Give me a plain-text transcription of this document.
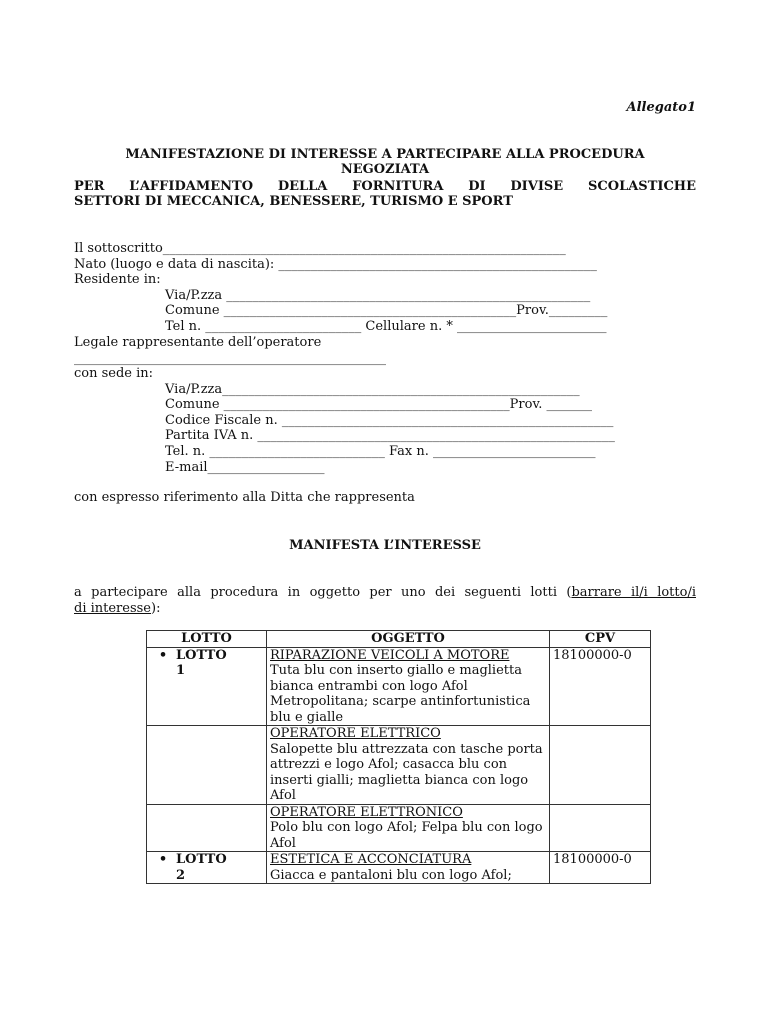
Allegato1
MANIFESTAZIONE DI INTERESSE A PARTECIPARE ALLA PROCEDURA
NEGOZIATA
PER L’AFFIDAMENTO DELLA FORNITURA DI DIVISE SCOLASTICHE
SETTORI DI MECCANICA, BENESSERE, TURISMO E SPORT
Il sottoscritto______________________________________________________________
Nato (luogo e data di nascita): _________________________________________________
Residente in:
Via/P.zza ________________________________________________________
Comune _____________________________________________Prov._________
Tel n. ________________________ Cellulare n. * _______________________
Legale rappresentante dell’operatore
________________________________________________
con sede in:
Via/P.zza_______________________________________________________
Comune ____________________________________________Prov. _______
Codice Fiscale n. ___________________________________________________
Partita IVA n. _______________________________________________________
Tel. n. ___________________________ Fax n. _________________________
E-mail__________________
con espresso riferimento alla Ditta che rappresenta
MANIFESTA L’INTERESSE
a partecipare alla procedura in oggetto per uno dei seguenti lotti (barrare il/i lotto/i
di interesse):
LOTTO	OGGETTO	CPV

• LOTTO
1	RIPARAZIONE VEICOLI A MOTORE
Tuta blu con inserto giallo e maglietta bianca entrambi con logo Afol Metropolitana; scarpe antinfortunistica blu e gialle	18100000-0

	OPERATORE ELETTRICO
Salopette blu attrezzata con tasche porta attrezzi e logo Afol; casacca blu con inserti gialli; maglietta bianca con logo Afol	

	OPERATORE ELETTRONICO
Polo blu con logo Afol; Felpa blu con logo Afol	

• LOTTO
2	ESTETICA E ACCONCIATURA
Giacca e pantaloni blu con logo Afol;	18100000-0
